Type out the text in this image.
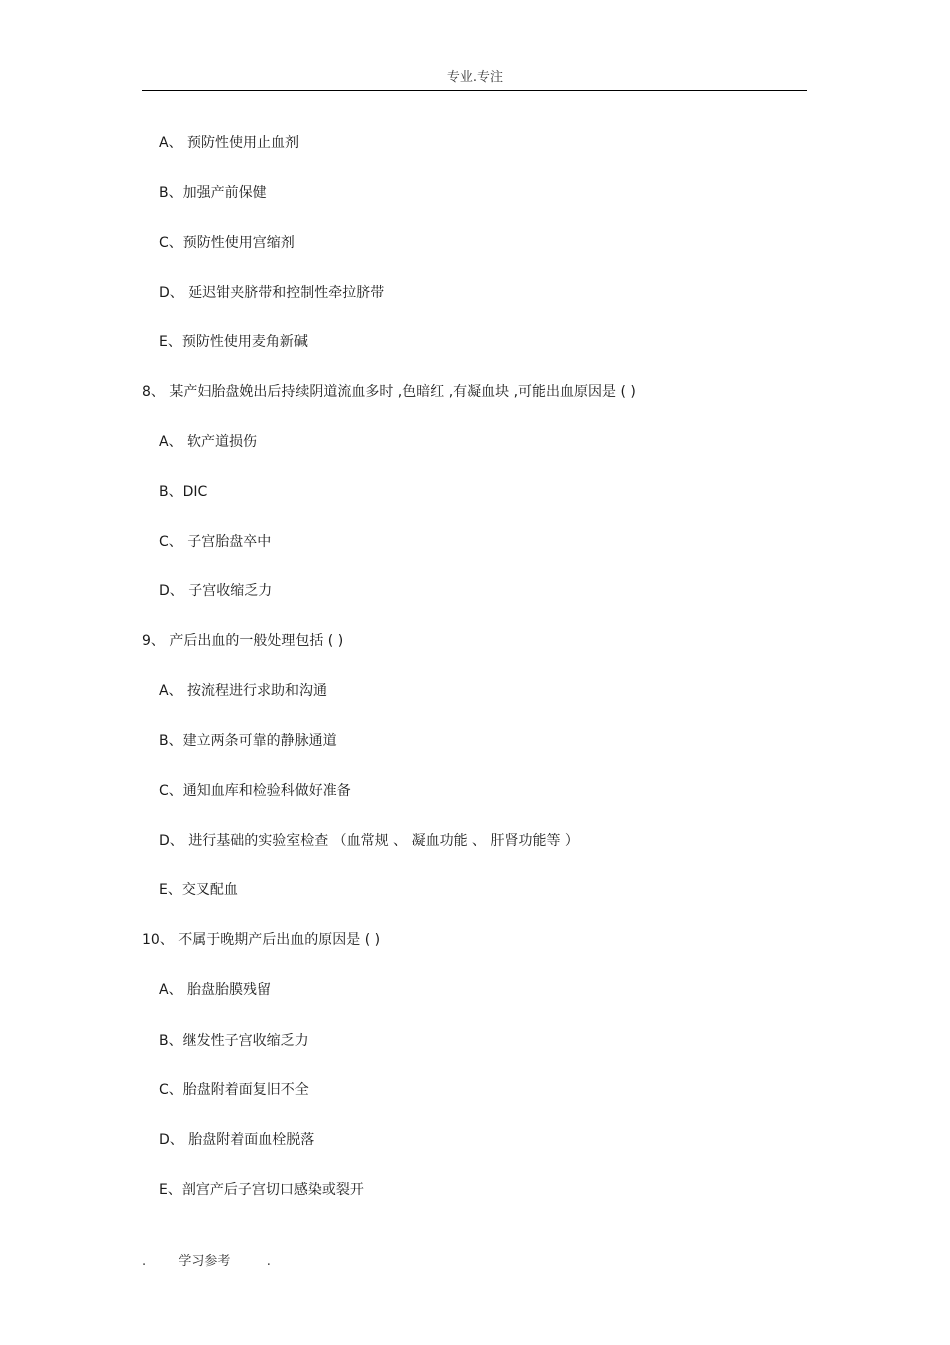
专业.专注
A、 预防性使用止血剂
B、加强产前保健
C、预防性使用宫缩剂
D、 延迟钳夹脐带和控制性牵拉脐带
E、预防性使用麦角新碱
8、 某产妇胎盘娩出后持续阴道流血多时 ,色暗红 ,有凝血块 ,可能出血原因是 ( )
A、 软产道损伤
B、DIC
C、 子宫胎盘卒中
D、 子宫收缩乏力
9、 产后出血的一般处理包括 ( )
A、 按流程进行求助和沟通
B、建立两条可靠的静脉通道
C、通知血库和检验科做好准备
D、 进行基础的实验室检查 （血常规 、 凝血功能 、 肝肾功能等 ）
E、交叉配血
10、 不属于晚期产后出血的原因是 ( )
A、 胎盘胎膜残留
B、继发性子宫收缩乏力
C、胎盘附着面复旧不全
D、 胎盘附着面血栓脱落
E、剖宫产后子宫切口感染或裂开
. 学习参考	.
